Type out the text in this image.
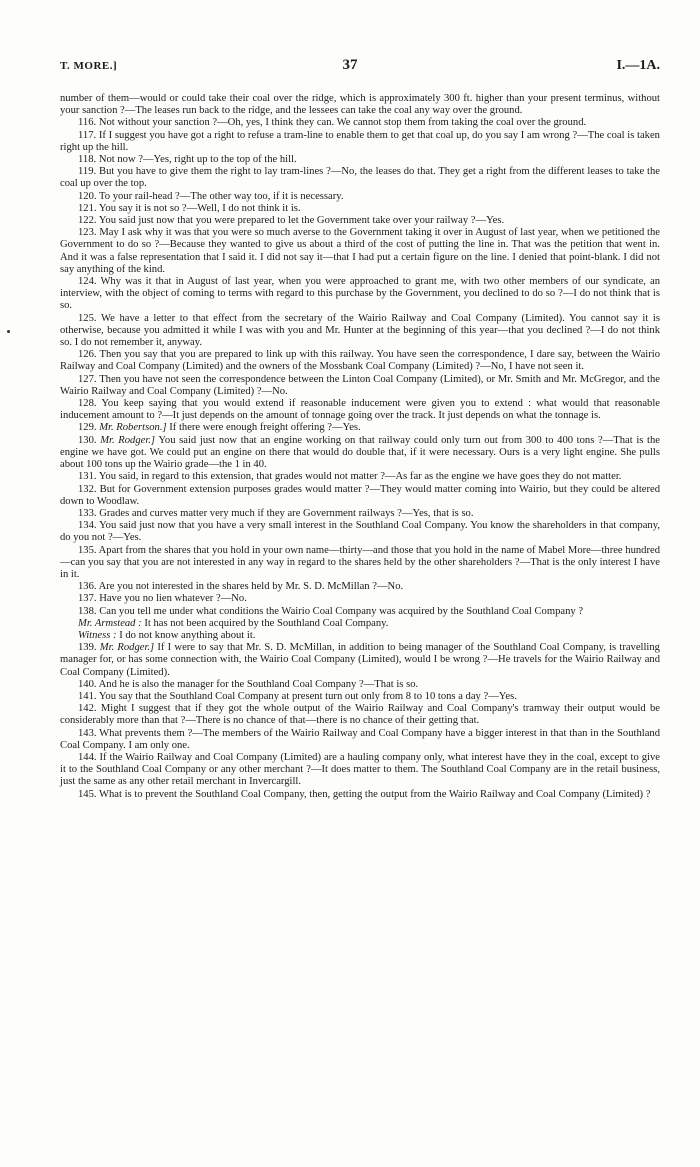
T. MORE.]	37	I.—1A.

number of them—would or could take their coal over the ridge, which is approximately 300 ft. higher than your present terminus, without your sanction ?—The leases run back to the ridge, and the lessees can take the coal any way over the ground.

116. Not without your sanction ?—Oh, yes, I think they can. We cannot stop them from taking the coal over the ground.

117. If I suggest you have got a right to refuse a tram-line to enable them to get that coal up, do you say I am wrong ?—The coal is taken right up the hill.

118. Not now ?—Yes, right up to the top of the hill.

119. But you have to give them the right to lay tram-lines ?—No, the leases do that. They get a right from the different leases to take the coal up over the top.

120. To your rail-head ?—The other way too, if it is necessary.

121. You say it is not so ?—Well, I do not think it is.

122. You said just now that you were prepared to let the Government take over your railway ?—Yes.

123. May I ask why it was that you were so much averse to the Government taking it over in August of last year, when we petitioned the Government to do so ?—Because they wanted to give us about a third of the cost of putting the line in. That was the petition that went in. And it was a false representation that I said it. I did not say it—that I had put a certain figure on the line. I denied that point-blank. I did not say anything of the kind.

124. Why was it that in August of last year, when you were approached to grant me, with two other members of our syndicate, an interview, with the object of coming to terms with regard to this purchase by the Government, you declined to do so ?—I do not think that is so.

125. We have a letter to that effect from the secretary of the Wairio Railway and Coal Company (Limited). You cannot say it is otherwise, because you admitted it while I was with you and Mr. Hunter at the beginning of this year—that you declined ?—I do not think so. I do not remember it, anyway.

126. Then you say that you are prepared to link up with this railway. You have seen the correspondence, I dare say, between the Wairio Railway and Coal Company (Limited) and the owners of the Mossbank Coal Company (Limited) ?—No, I have not seen it.

127. Then you have not seen the correspondence between the Linton Coal Company (Limited), or Mr. Smith and Mr. McGregor, and the Wairio Railway and Coal Company (Limited) ?—No.

128. You keep saying that you would extend if reasonable inducement were given you to extend : what would that reasonable inducement amount to ?—It just depends on the amount of tonnage going over the track. It just depends on what the tonnage is.

129. Mr. Robertson.] If there were enough freight offering ?—Yes.

130. Mr. Rodger.] You said just now that an engine working on that railway could only turn out from 300 to 400 tons ?—That is the engine we have got. We could put an engine on there that would do double that, if it were necessary. Ours is a very light engine. She pulls about 100 tons up the Wairio grade—the 1 in 40.

131. You said, in regard to this extension, that grades would not matter ?—As far as the engine we have goes they do not matter.

132. But for Government extension purposes grades would matter ?—They would matter coming into Wairio, but they could be altered down to Woodlaw.

133. Grades and curves matter very much if they are Government railways ?—Yes, that is so.

134. You said just now that you have a very small interest in the Southland Coal Company. You know the shareholders in that company, do you not ?—Yes.

135. Apart from the shares that you hold in your own name—thirty—and those that you hold in the name of Mabel More—three hundred—can you say that you are not interested in any way in regard to the shares held by the other shareholders ?—That is the only interest I have in it.

136. Are you not interested in the shares held by Mr. S. D. McMillan ?—No.

137. Have you no lien whatever ?—No.

138. Can you tell me under what conditions the Wairio Coal Company was acquired by the Southland Coal Company ?

Mr. Armstead : It has not been acquired by the Southland Coal Company.

Witness : I do not know anything about it.

139. Mr. Rodger.] If I were to say that Mr. S. D. McMillan, in addition to being manager of the Southland Coal Company, is travelling manager for, or has some connection with, the Wairio Coal Company (Limited), would I be wrong ?—He travels for the Wairio Railway and Coal Company (Limited).

140. And he is also the manager for the Southland Coal Company ?—That is so.

141. You say that the Southland Coal Company at present turn out only from 8 to 10 tons a day ?—Yes.

142. Might I suggest that if they got the whole output of the Wairio Railway and Coal Company's tramway their output would be considerably more than that ?—There is no chance of that—there is no chance of their getting that.

143. What prevents them ?—The members of the Wairio Railway and Coal Company have a bigger interest in that than in the Southland Coal Company. I am only one.

144. If the Wairio Railway and Coal Company (Limited) are a hauling company only, what interest have they in the coal, except to give it to the Southland Coal Company or any other merchant ?—It does matter to them. The Southland Coal Company are in the retail business, just the same as any other retail merchant in Invercargill.

145. What is to prevent the Southland Coal Company, then, getting the output from the Wairio Railway and Coal Company (Limited) ?
